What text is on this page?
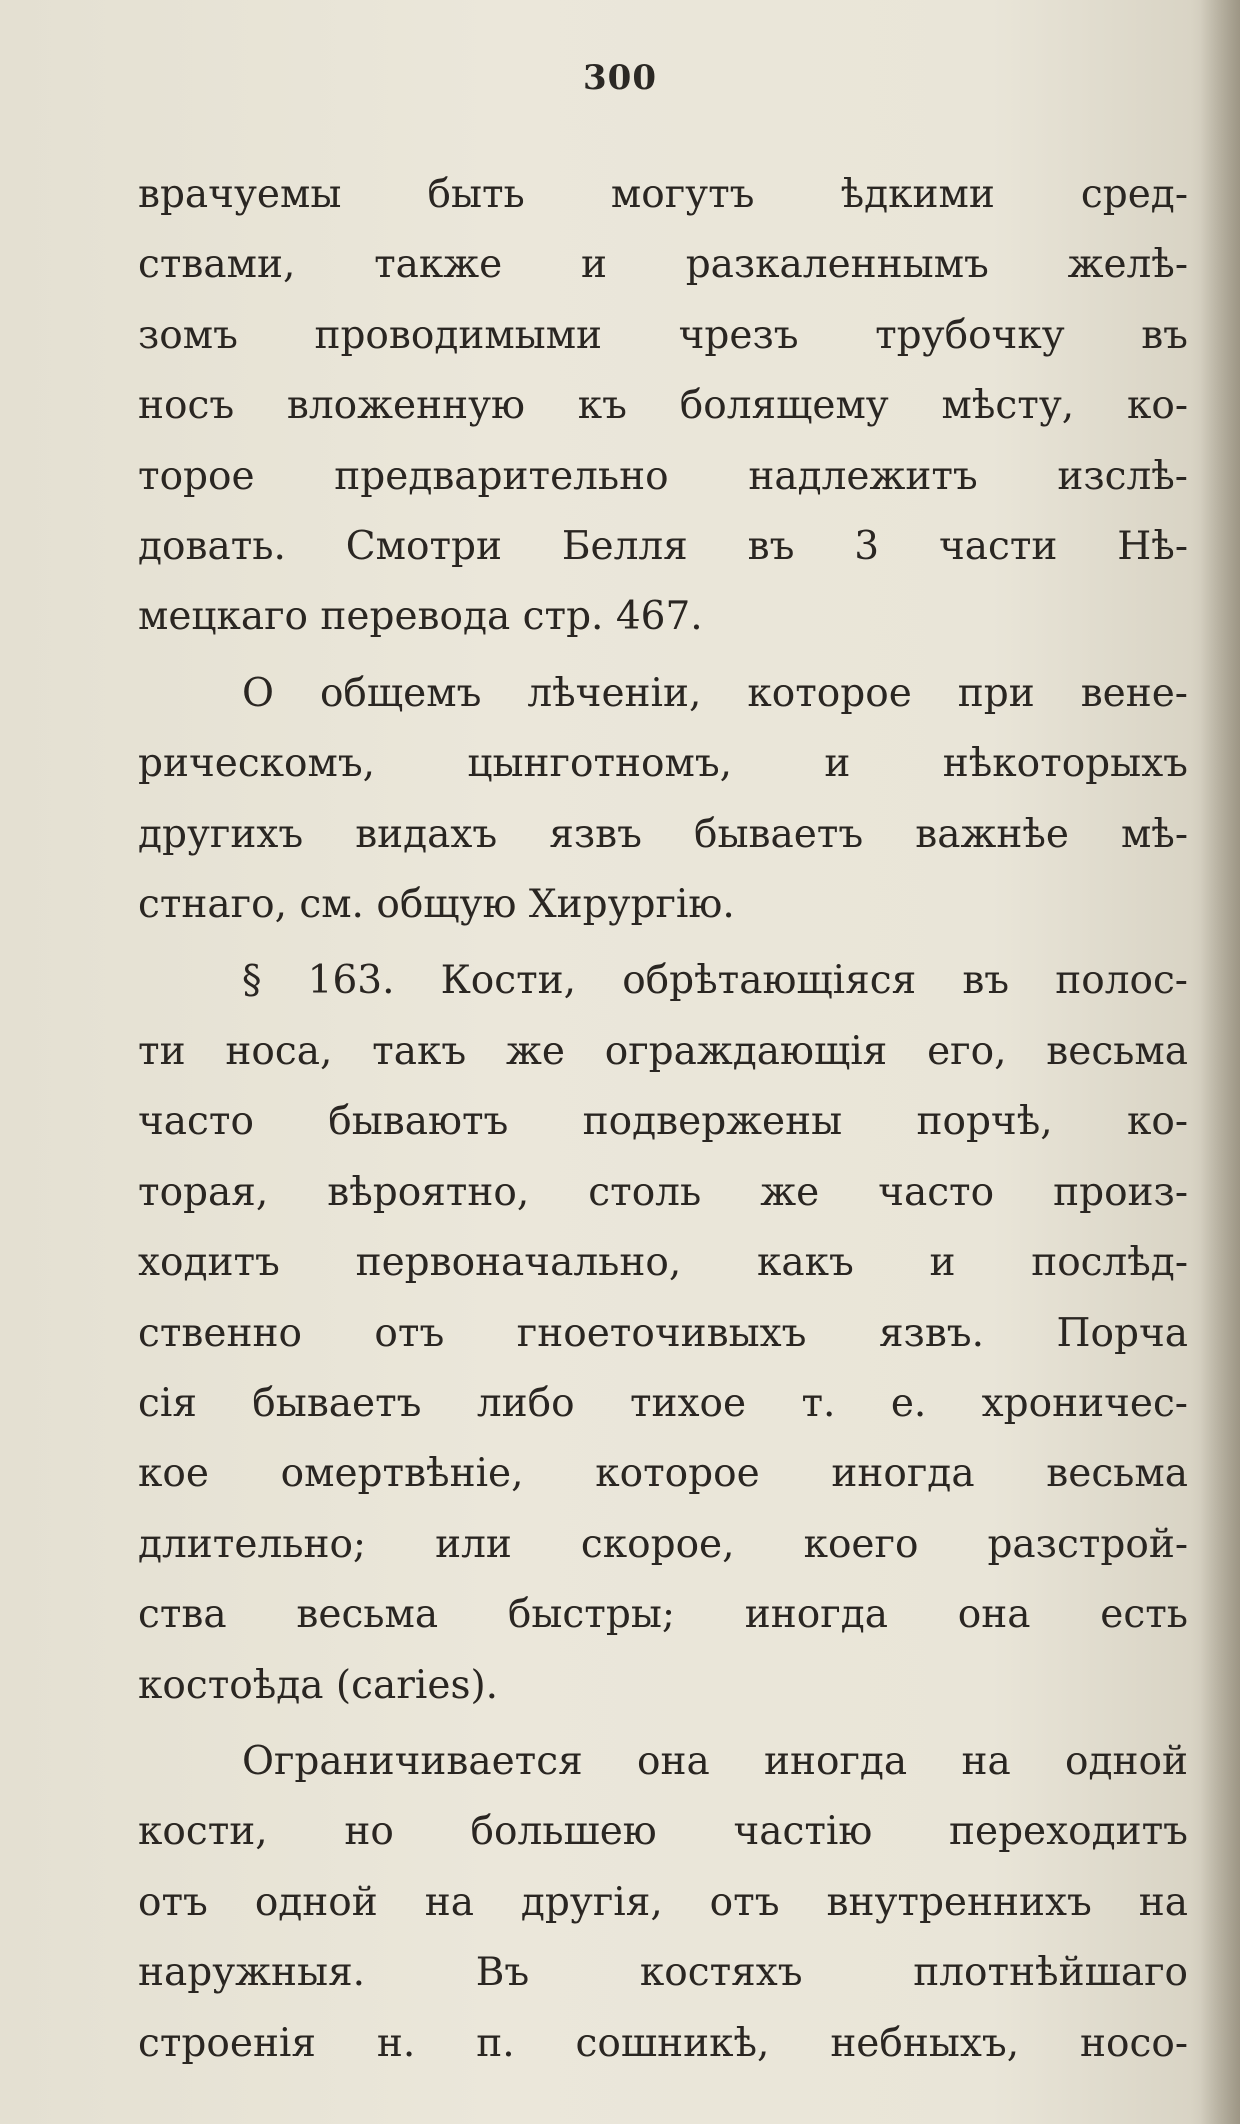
300

врачуемы быть могутъ ѣдкими сред-
ствами, также и разкаленнымъ желѣ-
зомъ проводимыми чрезъ трубочку въ
носъ вложенную къ болящему мѣсту, ко-
торое предварительно надлежитъ изслѣ-
довать. Смотри Белля въ 3 части Нѣ-
мецкаго перевода стр. 467.

О общемъ лѣченiи, которое при вене-
рическомъ, цынготномъ, и нѣкоторыхъ
другихъ видахъ язвъ бываетъ важнѣе мѣ-
стнаго, см. общую Хирургiю.

§ 163. Кости, обрѣтающiяся въ полос-
ти носа, такъ же ограждающiя его, весьма
часто бываютъ подвержены порчѣ, ко-
торая, вѣроятно, столь же часто произ-
ходитъ первоначально, какъ и послѣд-
ственно отъ гноеточивыхъ язвъ. Порча
сiя бываетъ либо тихое т. е. хроничес-
кое омертвѣнiе, которое иногда весьма
длительно; или скорое, коего разстрой-
ства весьма быстры; иногда она есть
костоѣда (caries).

Ограничивается она иногда на одной
кости, но большею частiю переходитъ
отъ одной на другiя, отъ внутреннихъ на
наружныя. Въ костяхъ плотнѣйшаго
строенiя н. п. сошникѣ, небныхъ, носо-
